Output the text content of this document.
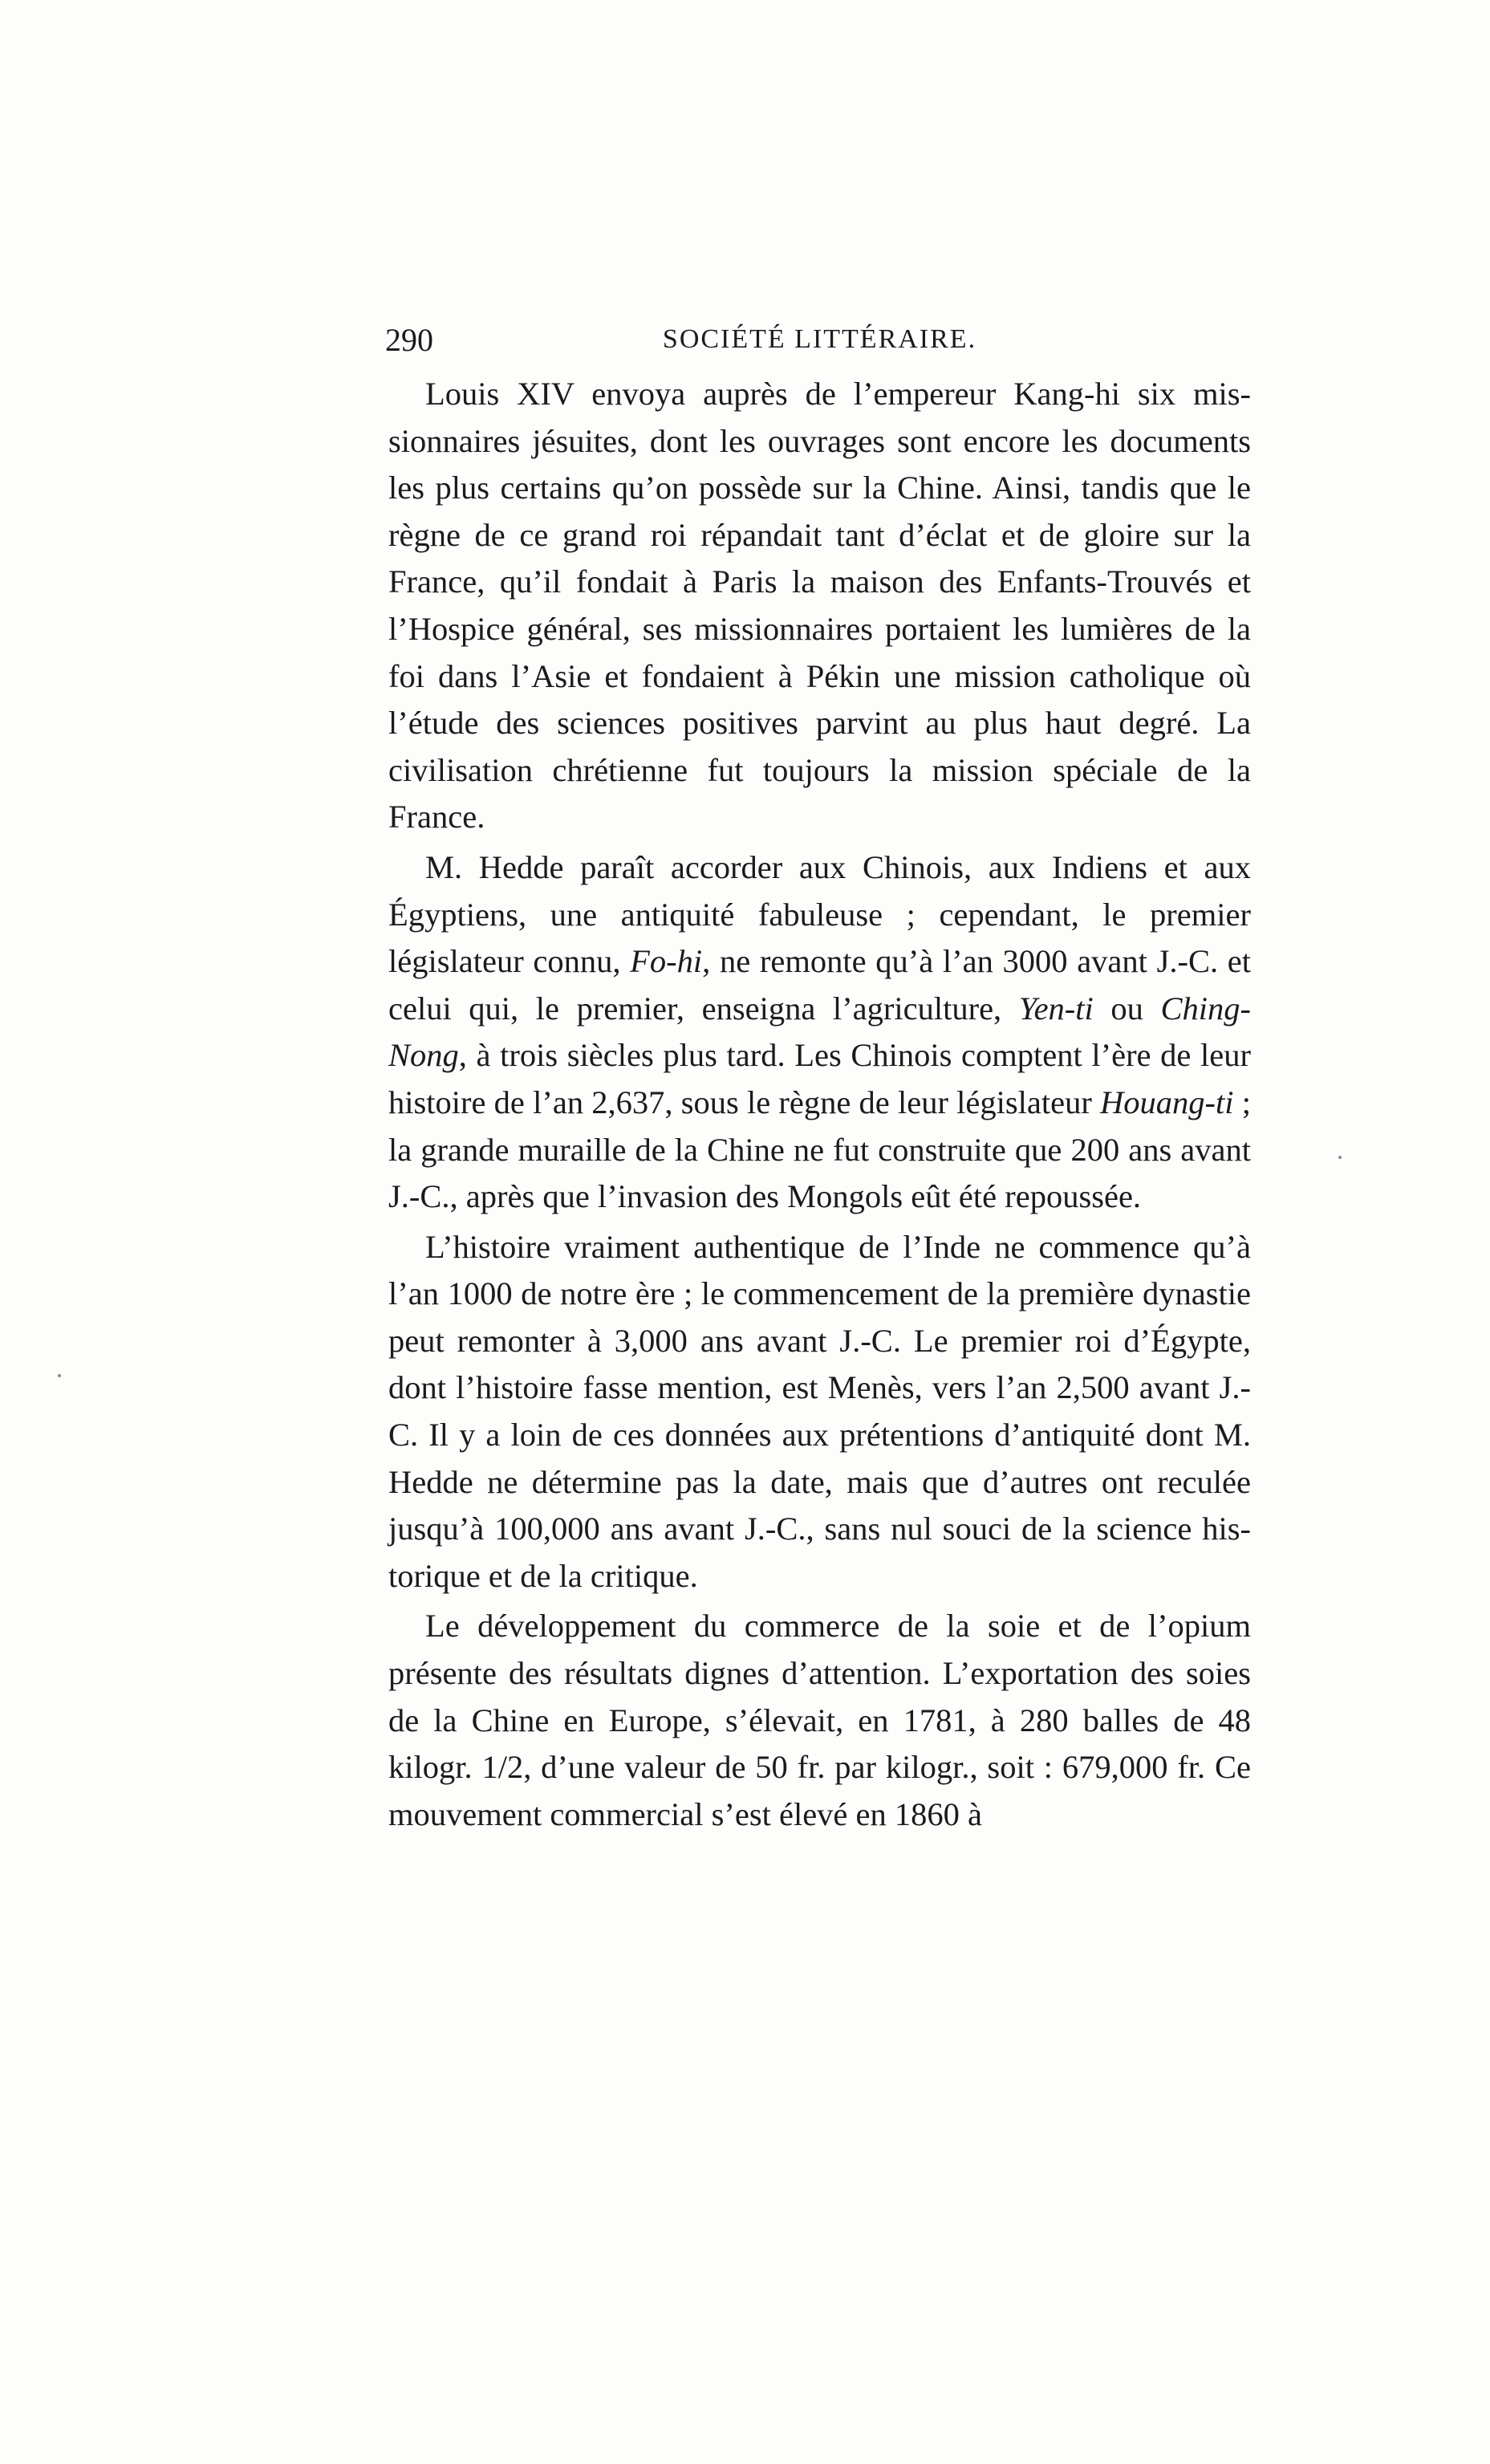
290	SOCIÉTÉ LITTÉRAIRE.

Louis XIV envoya auprès de l’empereur Kang-hi six missionnaires jésuites, dont les ouvrages sont encore les documents les plus certains qu’on possède sur la Chine. Ainsi, tandis que le règne de ce grand roi répandait tant d’éclat et de gloire sur la France, qu’il fondait à Paris la maison des Enfants-Trouvés et l’Hospice général, ses missionnaires portaient les lumières de la foi dans l’Asie et fondaient à Pékin une mission catholique où l’étude des sciences positives parvint au plus haut degré. La civilisation chrétienne fut toujours la mission spéciale de la France.

M. Hedde paraît accorder aux Chinois, aux Indiens et aux Égyptiens, une antiquité fabuleuse ; cependant, le premier législateur connu, Fo-hi, ne remonte qu’à l’an 3000 avant J.-C. et celui qui, le premier, enseigna l’agriculture, Yen-ti ou Ching-Nong, à trois siècles plus tard. Les Chinois comptent l’ère de leur histoire de l’an 2,637, sous le règne de leur législateur Houang-ti ; la grande muraille de la Chine ne fut construite que 200 ans avant J.-C., après que l’invasion des Mongols eût été repoussée.

L’histoire vraiment authentique de l’Inde ne commence qu’à l’an 1000 de notre ère ; le commencement de la première dynastie peut remonter à 3,000 ans avant J.-C. Le premier roi d’Égypte, dont l’histoire fasse mention, est Menès, vers l’an 2,500 avant J.-C. Il y a loin de ces données aux prétentions d’antiquité dont M. Hedde ne détermine pas la date, mais que d’autres ont reculée jusqu’à 100,000 ans avant J.-C., sans nul souci de la science historique et de la critique.

Le développement du commerce de la soie et de l’opium présente des résultats dignes d’attention. L’exportation des soies de la Chine en Europe, s’élevait, en 1781, à 280 balles de 48 kilogr. 1/2, d’une valeur de 50 fr. par kilogr., soit : 679,000 fr. Ce mouvement commercial s’est élevé en 1860 à
